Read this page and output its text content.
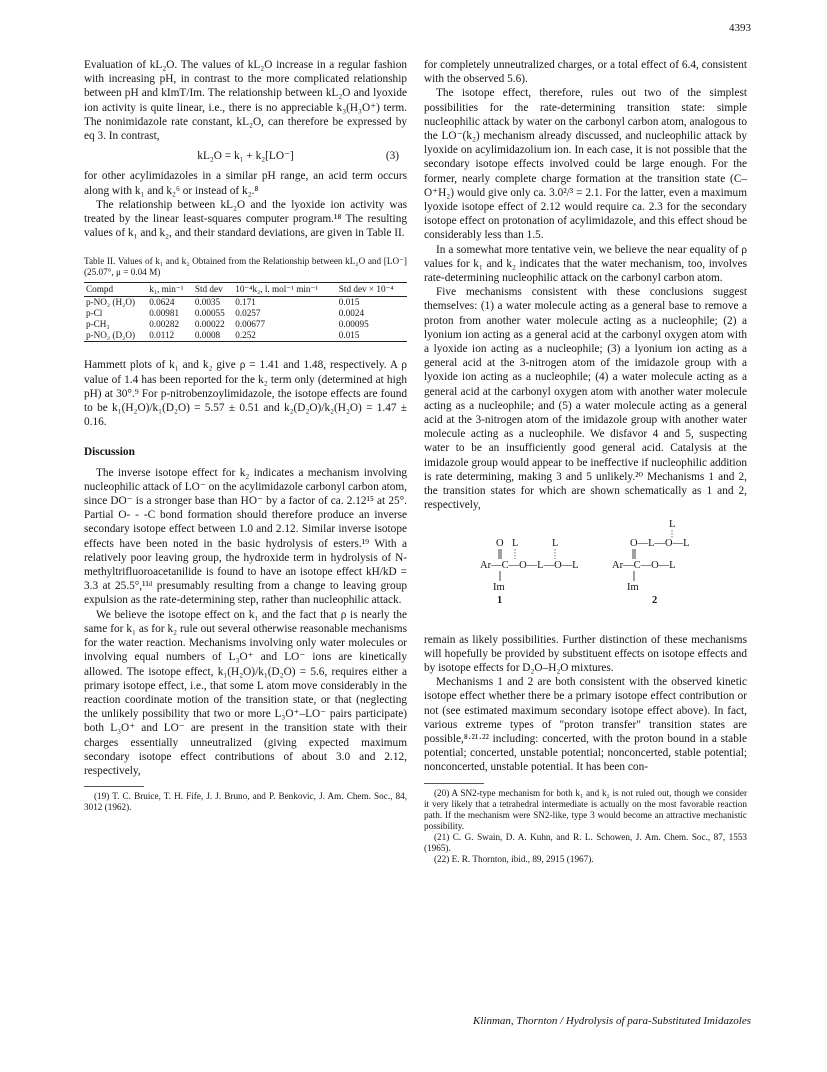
4393

Evaluation of kL₂O. The values of kL₂O increase in a regular fashion with increasing pH, in contrast to the more complicated relationship between pH and kImT/Im. The relationship between kL₂O and lyoxide ion activity is quite linear, i.e., there is no appreciable k₃(H₃O⁺) term. The nonimidazole rate constant, kL₂O, can therefore be expressed by eq 3. In contrast,

kL₂O = k₁ + k₂[LO⁻]	(3)

for other acylimidazoles in a similar pH range, an acid term occurs along with k₁ and k₂⁶ or instead of k₂.⁸

The relationship between kL₂O and the lyoxide ion activity was treated by the linear least-squares computer program.¹⁸ The resulting values of k₁ and k₂, and their standard deviations, are given in Table II.

Table II. Values of k₁ and k₂ Obtained from the Relationship between kL₂O and [LO⁻] (25.07°, μ = 0.04 M)
Compd	k₁, min⁻¹	Std dev	10⁻⁴k₂, l. mol⁻¹ min⁻¹	Std dev × 10⁻⁴
p-NO₂ (H₂O)	0.0624	0.0035	0.171	0.015
p-Cl	0.00981	0.00055	0.0257	0.0024
p-CH₃	0.00282	0.00022	0.00677	0.00095
p-NO₂ (D₂O)	0.0112	0.0008	0.252	0.015

Hammett plots of k₁ and k₂ give ρ = 1.41 and 1.48, respectively. A ρ value of 1.4 has been reported for the k₂ term only (determined at high pH) at 30°.⁹ For p-nitrobenzoylimidazole, the isotope effects are found to be k₁(H₂O)/k₁(D₂O) = 5.57 ± 0.51 and k₂(D₂O)/k₂(H₂O) = 1.47 ± 0.16.

Discussion

The inverse isotope effect for k₂ indicates a mechanism involving nucleophilic attack of LO⁻ on the acylimidazole carbonyl carbon atom, since DO⁻ is a stronger base than HO⁻ by a factor of ca. 2.12¹⁵ at 25°. Partial O- - -C bond formation should therefore produce an inverse secondary isotope effect between 1.0 and 2.12. Similar inverse isotope effects have been noted in the basic hydrolysis of esters.¹⁹ With a relatively poor leaving group, the hydroxide term in hydrolysis of N-methyltrifluoroacetanilide is found to have an isotope effect kH/kD = 3.3 at 25.5°,¹¹ᵈ presumably resulting from a change to leaving group expulsion as the rate-determining step, rather than nucleophilic attack.

We believe the isotope effect on k₁ and the fact that ρ is nearly the same for k₁ as for k₂ rule out several otherwise reasonable mechanisms for the water reaction. Mechanisms involving only water molecules or involving equal numbers of L₃O⁺ and LO⁻ ions are kinetically allowed. The isotope effect, k₁(H₂O)/k₁(D₂O) = 5.6, requires either a primary isotope effect, i.e., that some L atom move considerably in the reaction coordinate motion of the transition state, or that (neglecting the unlikely possibility that two or more L₃O⁺–LO⁻ pairs participate) both L₃O⁺ and LO⁻ are present in the transition state with their charges essentially unneutralized (giving expected maximum secondary isotope effect contributions of about 3.0 and 2.12, respectively,

(19) T. C. Bruice, T. H. Fife, J. J. Bruno, and P. Benkovic, J. Am. Chem. Soc., 84, 3012 (1962).

for completely unneutralized charges, or a total effect of 6.4, consistent with the observed 5.6).

The isotope effect, therefore, rules out two of the simplest possibilities for the rate-determining transition state: simple nucleophilic attack by water on the carbonyl carbon atom, analogous to the LO⁻(k₂) mechanism already discussed, and nucleophilic attack by lyoxide on acylimidazolium ion. In each case, it is not possible that the secondary isotope effects involved could be large enough. For the former, nearly complete charge formation at the transition state (C–O⁺H₂) would give only ca. 3.0²/³ = 2.1. For the latter, even a maximum lyoxide isotope effect of 2.12 would require ca. 2.3 for the secondary isotope effect on protonation of acylimidazole, and this effect shoud be considerably less than 1.5.

In a somewhat more tentative vein, we believe the near equality of ρ values for k₁ and k₂ indicates that the water mechanism, too, involves rate-determining nucleophilic attack on the carbonyl carbon atom.

Five mechanisms consistent with these conclusions suggest themselves: (1) a water molecule acting as a general base to remove a proton from another water molecule acting as a nucleophile; (2) a lyonium ion acting as a general acid at the carbonyl oxygen atom with a lyoxide ion acting as a nucleophile; (3) a lyonium ion acting as a general acid at the 3-nitrogen atom of the imidazole group with a lyoxide ion acting as a nucleophile; (4) a water molecule acting as a general acid at the carbonyl oxygen atom with another water molecule acting as a nucleophile; and (5) a water molecule acting as a general acid at the 3-nitrogen atom of the imidazole group with another water molecule acting as a nucleophile. We disfavor 4 and 5, suspecting water to be an insufficiently good general acid. Catalysis at the imidazole group would appear to be ineffective if nucleophilic addition is rate determining, making 3 and 5 unlikely.²⁰ Mechanisms 1 and 2, the transition states for which are shown schematically as 1 and 2, respectively,

O L	L
Ar—C—O—L—O—L
Im
1
L
O—L—O—L
Ar—C—O—L
Im
2

remain as likely possibilities. Further distinction of these mechanisms will hopefully be provided by substituent effects on isotope effects and by isotope effects for D₂O–H₂O mixtures.

Mechanisms 1 and 2 are both consistent with the observed kinetic isotope effect whether there be a primary isotope effect contribution or not (see estimated maximum secondary isotope effect above). In fact, various extreme types of "proton transfer" transition states are possible,⁸·²¹·²² including: concerted, with the proton bound in a stable potential; concerted, unstable potential; nonconcerted, stable potential; nonconcerted, unstable potential. It has been con-

(20) A SN2-type mechanism for both k₁ and k₂ is not ruled out, though we consider it very likely that a tetrahedral intermediate is actually on the most favorable reaction path. If the mechanism were SN2-like, type 3 would become an attractive mechanistic possibility.
(21) C. G. Swain, D. A. Kuhn, and R. L. Schowen, J. Am. Chem. Soc., 87, 1553 (1965).
(22) E. R. Thornton, ibid., 89, 2915 (1967).
Klinman, Thornton / Hydrolysis of para-Substituted Imidazoles
